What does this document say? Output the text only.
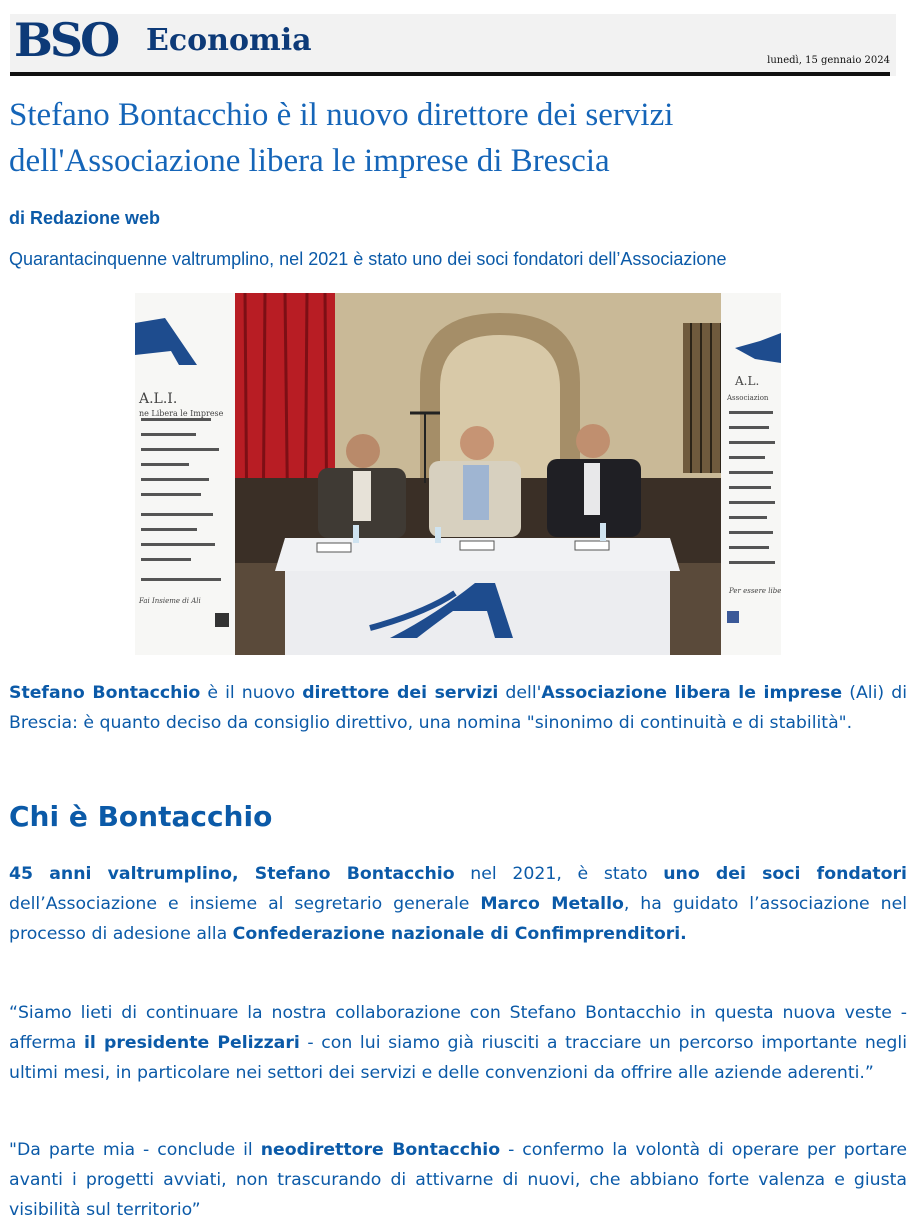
BSO Economia
lunedì, 15 gennaio 2024
Stefano Bontacchio è il nuovo direttore dei servizi dell'Associazione libera le imprese di Brescia
di Redazione web
Quarantacinquenne valtrumplino, nel 2021 è stato uno dei soci fondatori dell’Associazione
A.L.I.
ne Libera le Imprese
Fai Insieme di Ali
A.L.
Associazion
Per essere libe

Stefano Bontacchio è il nuovo direttore dei servizi dell'Associazione libera le imprese (Ali) di Brescia: è quanto deciso da consiglio direttivo, una nomina "sinonimo di continuità e di stabilità".

Chi è Bontacchio

45 anni valtrumplino, Stefano Bontacchio nel 2021, è stato uno dei soci fondatori dell’Associazione e insieme al segretario generale Marco Metallo, ha guidato l’associazione nel processo di adesione alla Confederazione nazionale di Confimprenditori.

“Siamo lieti di continuare la nostra collaborazione con Stefano Bontacchio in questa nuova veste - afferma il presidente Pelizzari - con lui siamo già riusciti a tracciare un percorso importante negli ultimi mesi, in particolare nei settori dei servizi e delle convenzioni da offrire alle aziende aderenti.”

"Da parte mia - conclude il neodirettore Bontacchio - confermo la volontà di operare per portare avanti i progetti avviati, non trascurando di attivarne di nuovi, che abbiano forte valenza e giusta visibilità sul territorio”
